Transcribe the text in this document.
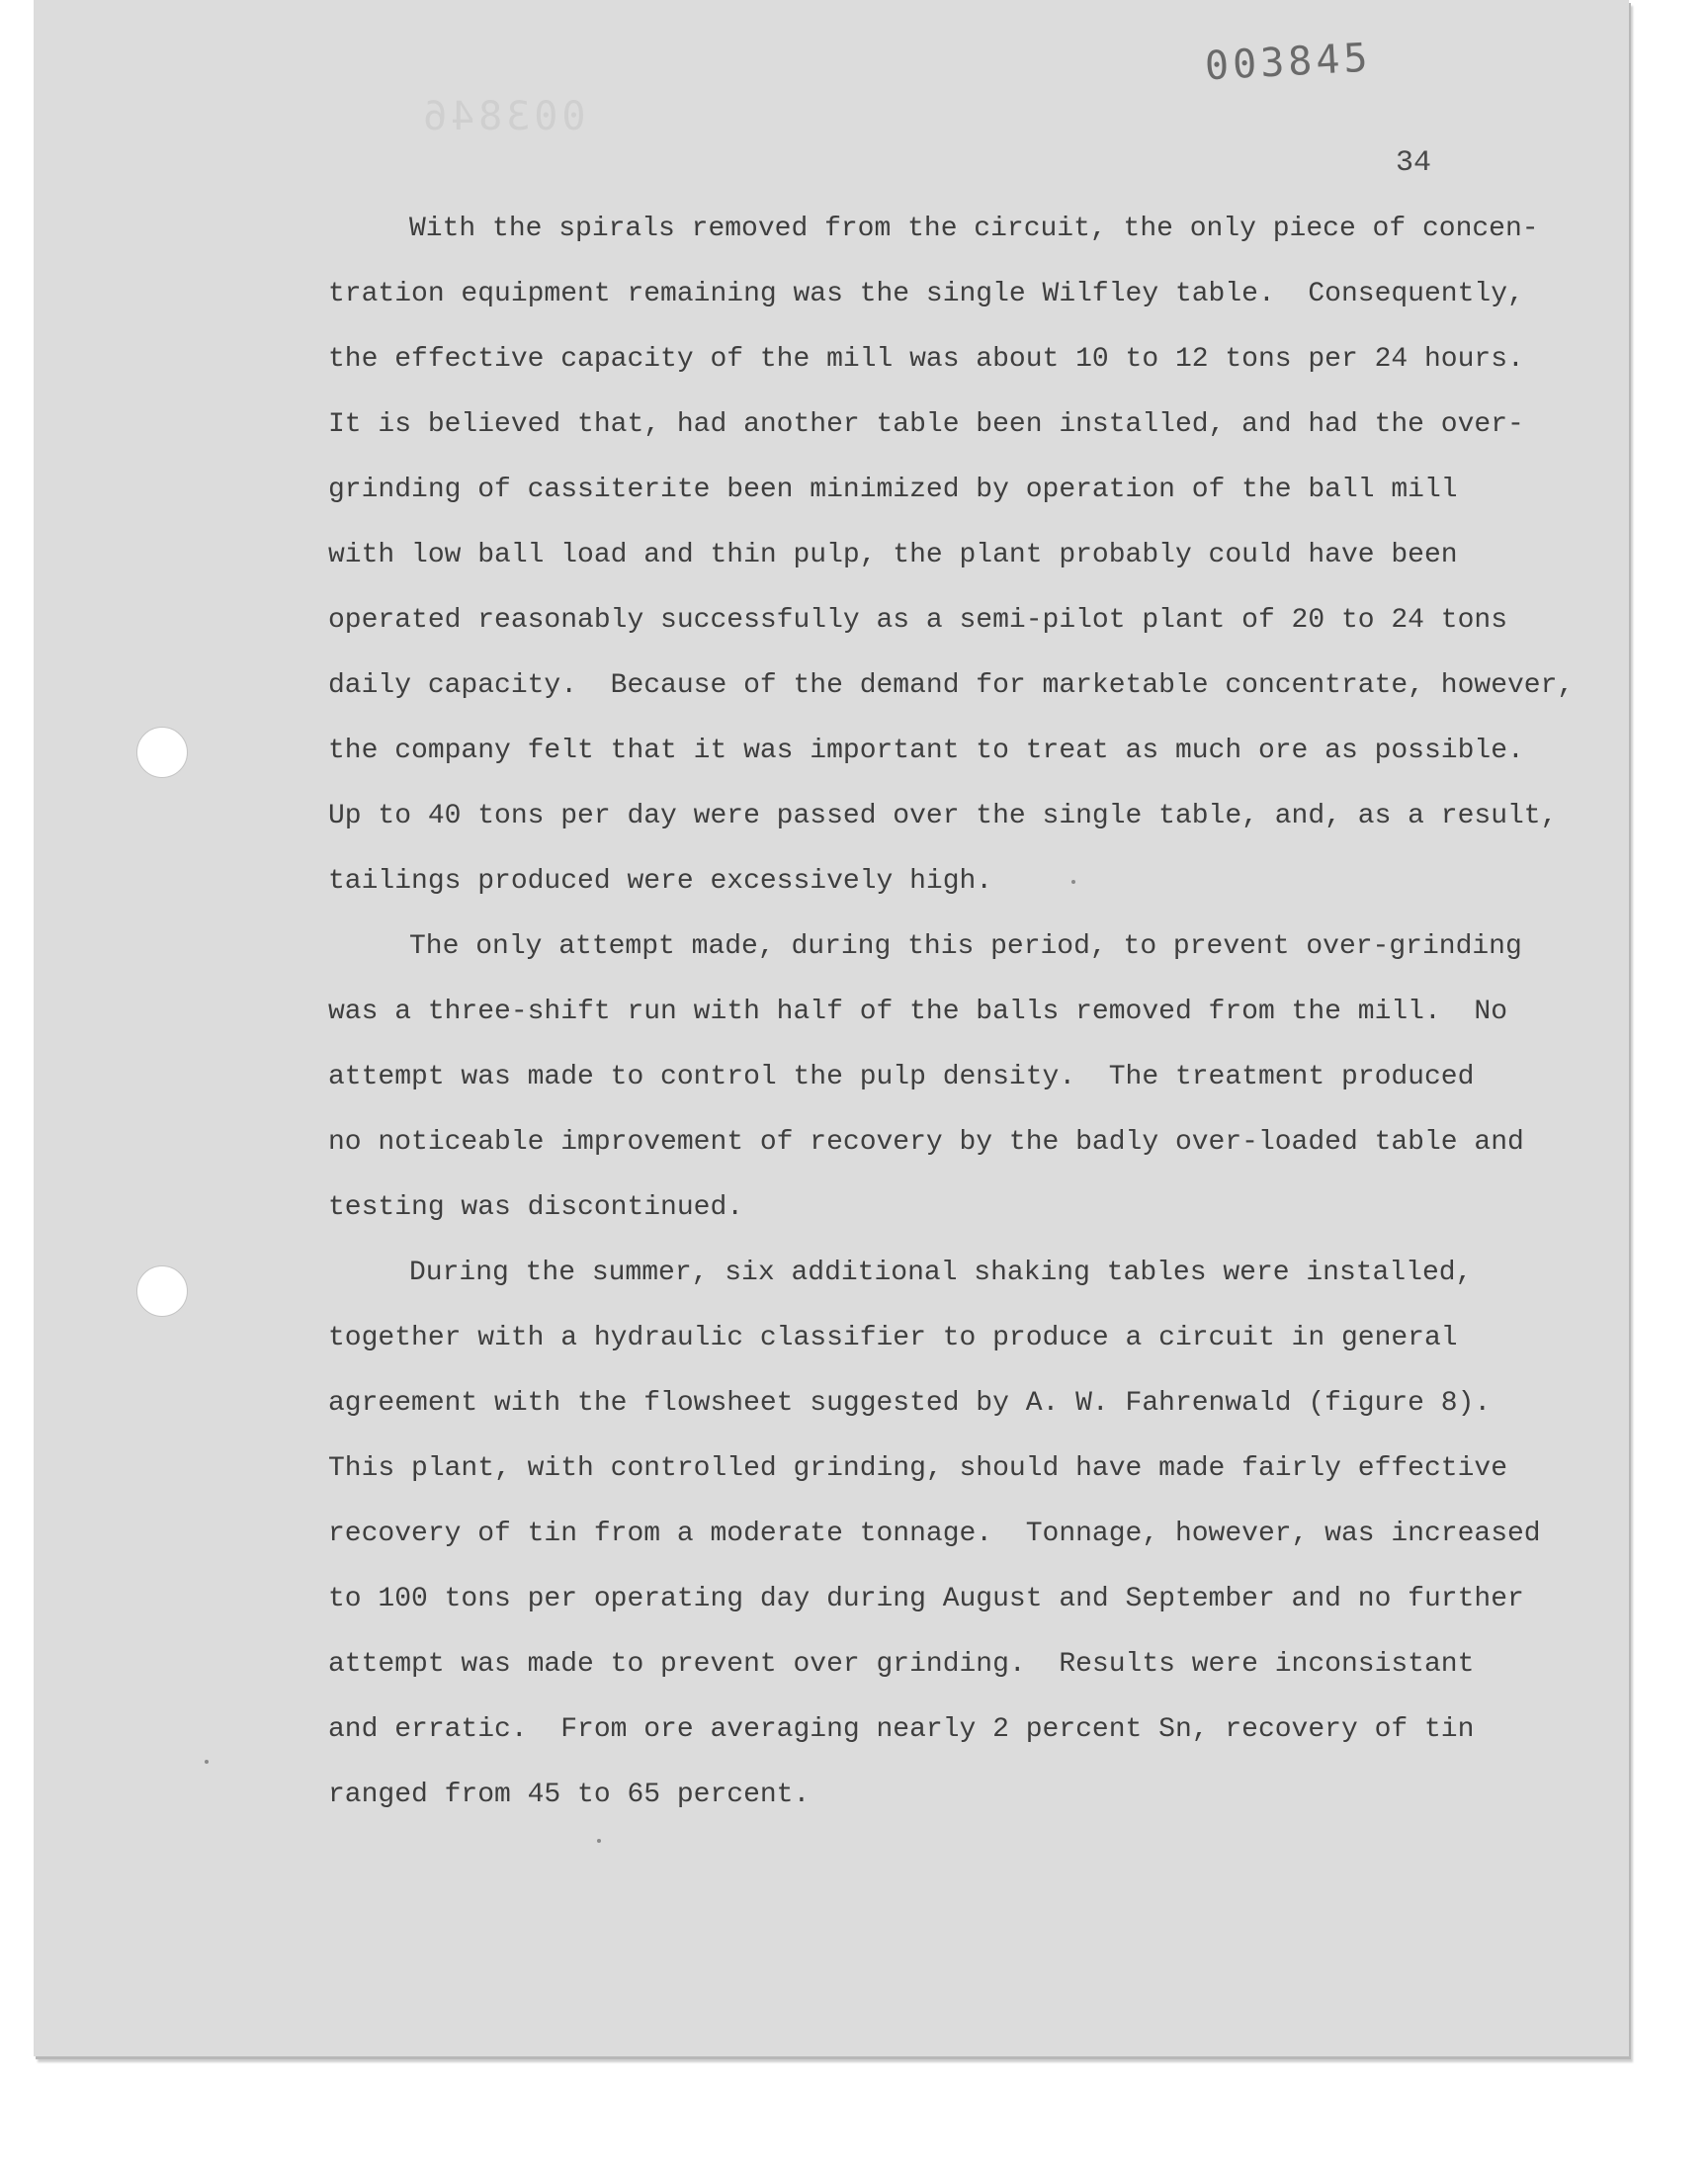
003846
003845
34
With the spirals removed from the circuit, the only piece of concen-
tration equipment remaining was the single Wilfley table.  Consequently,
the effective capacity of the mill was about 10 to 12 tons per 24 hours.
It is believed that, had another table been installed, and had the over-
grinding of cassiterite been minimized by operation of the ball mill
with low ball load and thin pulp, the plant probably could have been
operated reasonably successfully as a semi-pilot plant of 20 to 24 tons
daily capacity.  Because of the demand for marketable concentrate, however,
the company felt that it was important to treat as much ore as possible.
Up to 40 tons per day were passed over the single table, and, as a result,
tailings produced were excessively high.
The only attempt made, during this period, to prevent over-grinding
was a three-shift run with half of the balls removed from the mill.  No
attempt was made to control the pulp density.  The treatment produced
no noticeable improvement of recovery by the badly over-loaded table and
testing was discontinued.
During the summer, six additional shaking tables were installed,
together with a hydraulic classifier to produce a circuit in general
agreement with the flowsheet suggested by A. W. Fahrenwald (figure 8).
This plant, with controlled grinding, should have made fairly effective
recovery of tin from a moderate tonnage.  Tonnage, however, was increased
to 100 tons per operating day during August and September and no further
attempt was made to prevent over grinding.  Results were inconsistant
and erratic.  From ore averaging nearly 2 percent Sn, recovery of tin
ranged from 45 to 65 percent.
